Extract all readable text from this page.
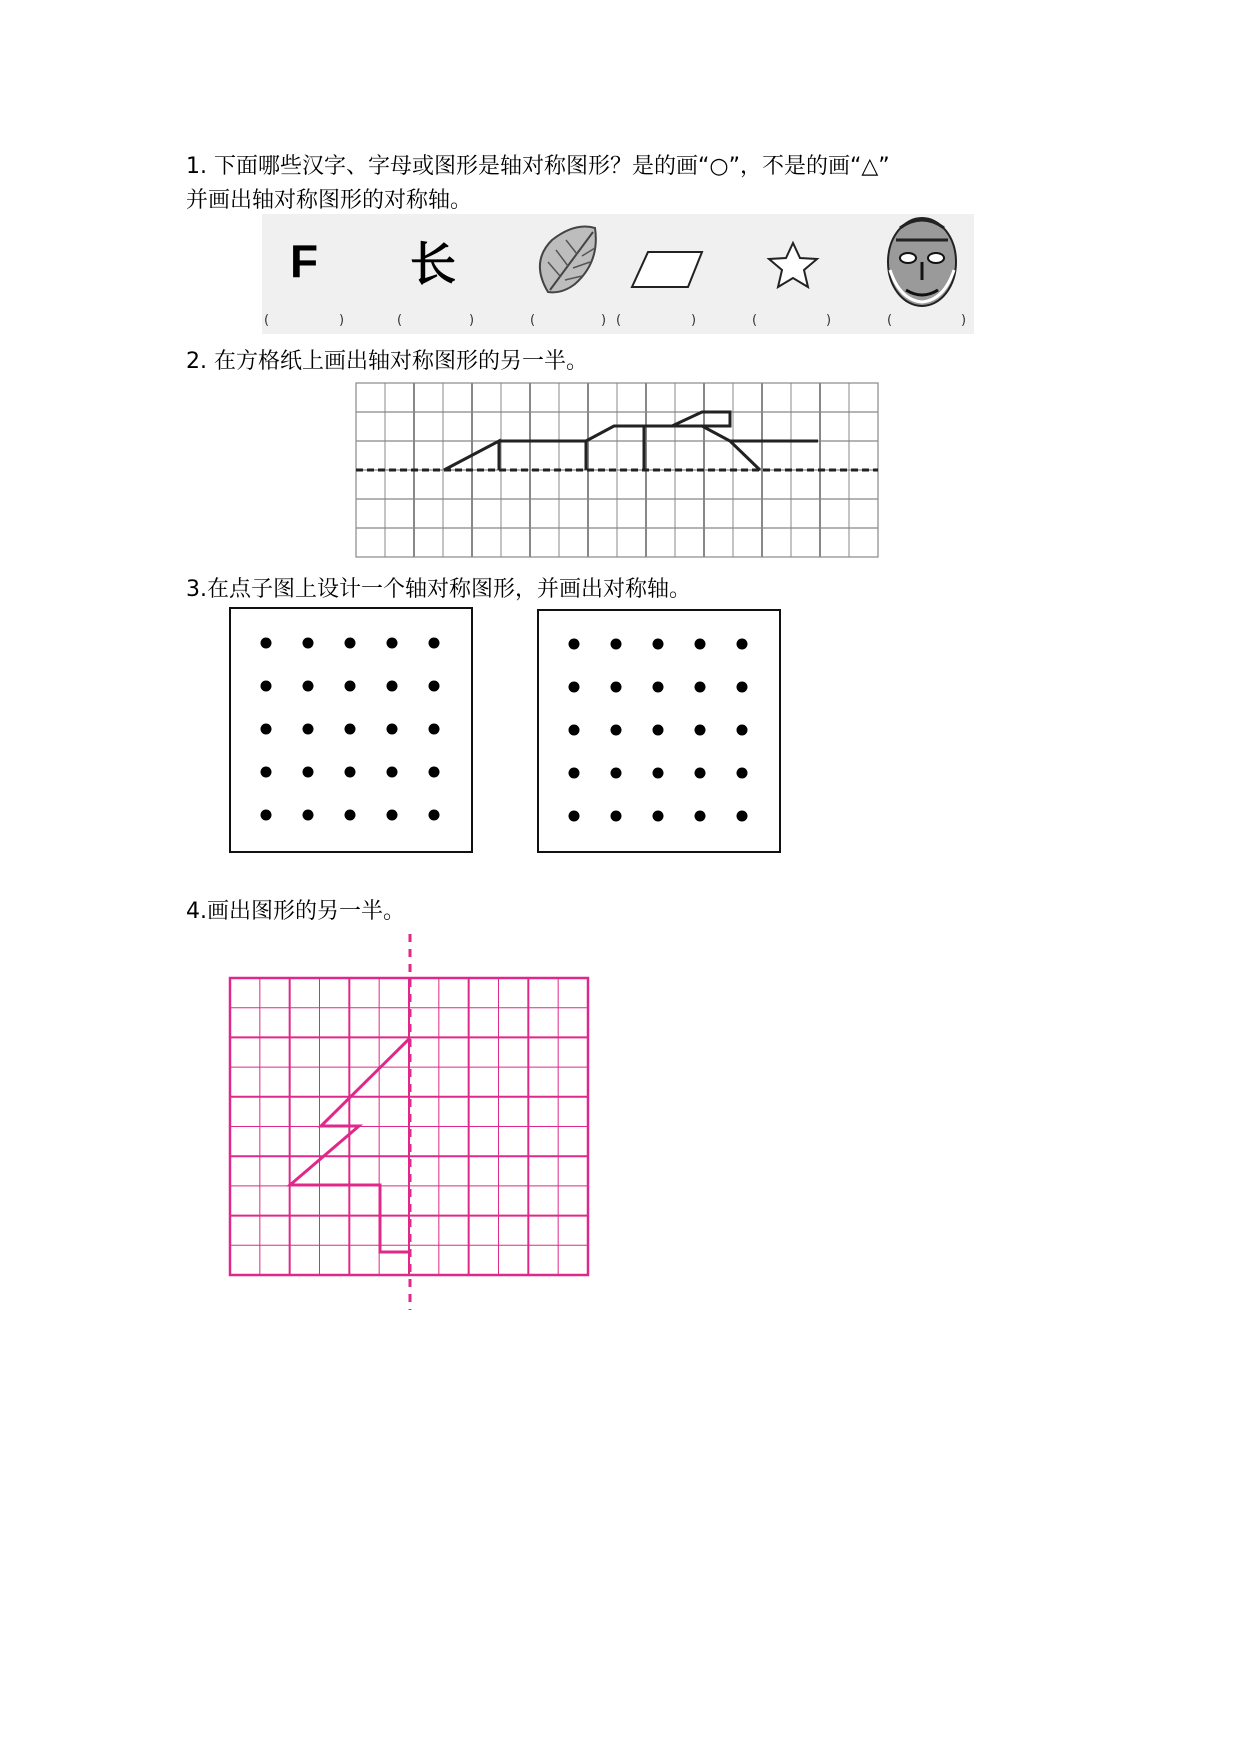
1. 下面哪些汉字、字母或图形是轴对称图形？是的画“○”，不是的画“△”
并画出轴对称图形的对称轴。
2. 在方格纸上画出轴对称图形的另一半。
3.在点子图上设计一个轴对称图形，并画出对称轴。
4.画出图形的另一半。
(	)	(	)	(	) (	)	(	)	(	)
F 长
